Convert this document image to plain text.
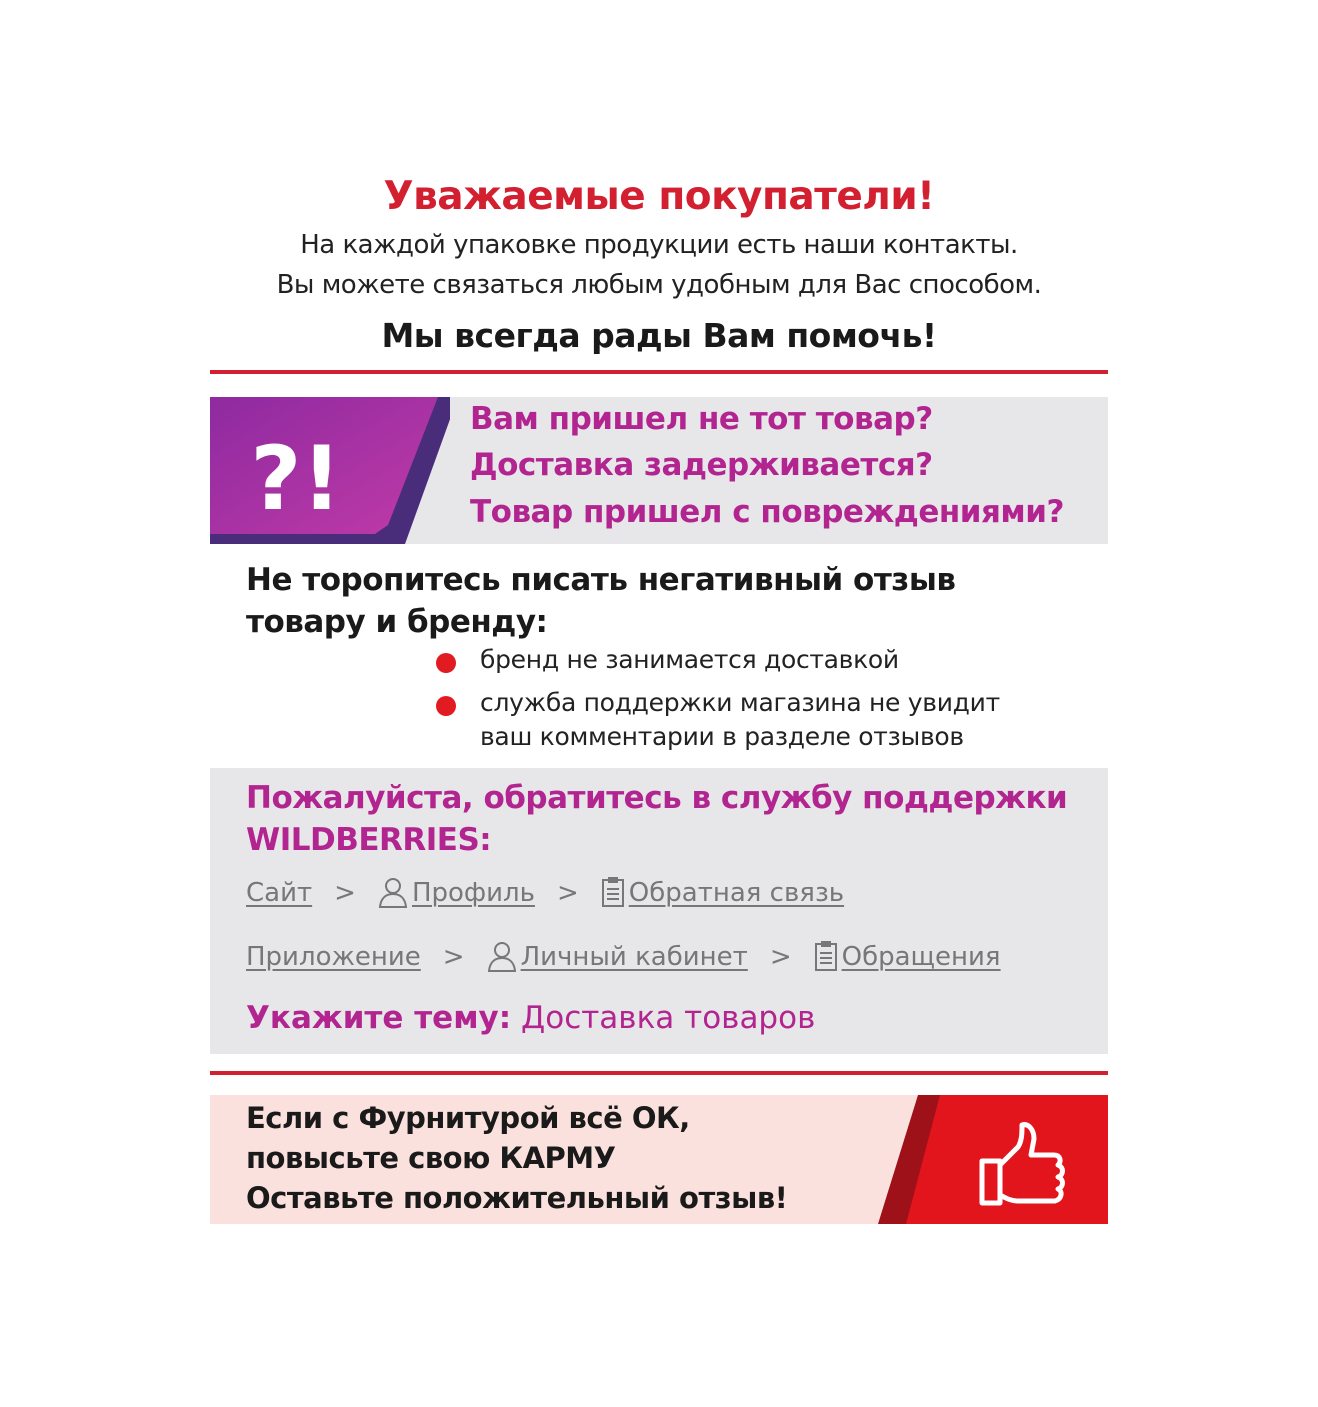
Уважаемые покупатели!
На каждой упаковке продукции есть наши контакты.
Вы можете связаться любым удобным для Вас способом.
Мы всегда рады Вам помочь!
?!
Вам пришел не тот товар?
Доставка задерживается?
Товар пришел с повреждениями?
Не торопитесь писать негативный отзыв
товару и бренду:
бренд не занимается доставкой
служба поддержки магазина не увидит
ваш комментарии в разделе отзывов
Пожалуйста, обратитесь в службу поддержки
WILDBERRIES:
Сайт > Профиль > Обратная связь
Приложение > Личный кабинет > Обращения
Укажите тему: Доставка товаров
Если с Фурнитурой всё ОК,
повысьте свою КАРМУ
Оставьте положительный отзыв!
